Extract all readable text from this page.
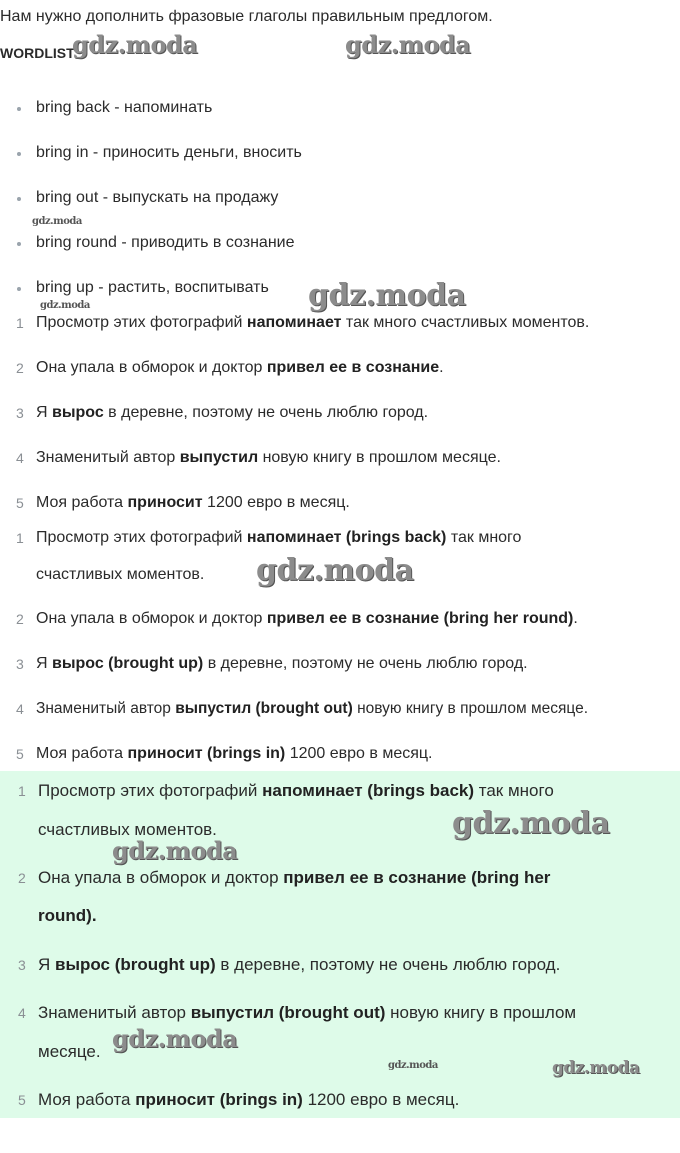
Нам нужно дополнить фразовые глаголы правильным предлогом.
WORDLIST
bring back - напоминать
bring in - приносить деньги, вносить
bring out - выпускать на продажу
bring round - приводить в сознание
bring up - растить, воспитывать
1 Просмотр этих фотографий напоминает так много счастливых моментов.
2 Она упала в обморок и доктор привел ее в сознание.
3 Я вырос в деревне, поэтому не очень люблю город.
4 Знаменитый автор выпустил новую книгу в прошлом месяце.
5 Моя работа приносит 1200 евро в месяц.
1 Просмотр этих фотографий напоминает (brings back) так много
счастливых моментов.
2 Она упала в обморок и доктор привел ее в сознание (bring her round).
3 Я вырос (brought up) в деревне, поэтому не очень люблю город.
4 Знаменитый автор выпустил (brought out) новую книгу в прошлом месяце.
5 Моя работа приносит (brings in) 1200 евро в месяц.
1 Просмотр этих фотографий напоминает (brings back) так много
счастливых моментов.
2 Она упала в обморок и доктор привел ее в сознание (bring her
round).
3 Я вырос (brought up) в деревне, поэтому не очень люблю город.
4 Знаменитый автор выпустил (brought out) новую книгу в прошлом
месяце.
5 Моя работа приносит (brings in) 1200 евро в месяц.
gdz.moda	gdz.moda
gdz.moda
gdz.moda	gdz.moda
gdz.moda
gdz.moda
gdz.moda
gdz.moda
gdz.moda	gdz.moda
